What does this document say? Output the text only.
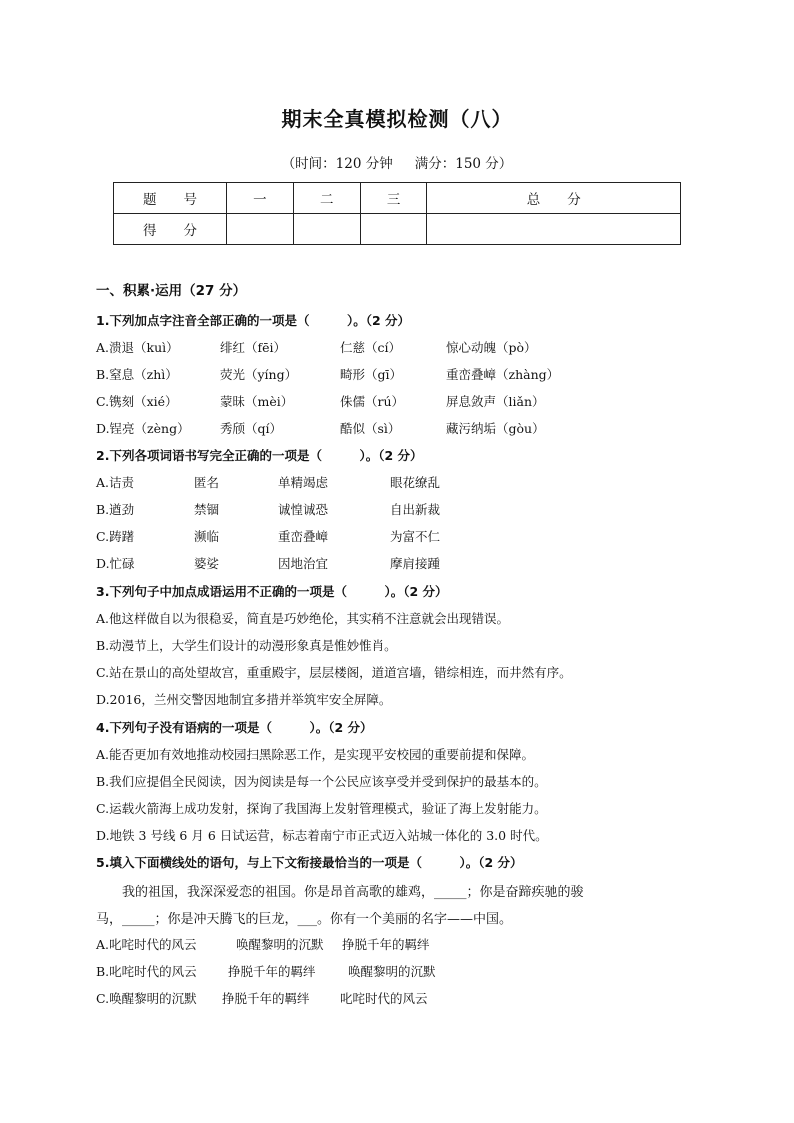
期末全真模拟检测（八）
（时间：120 分钟 满分：150 分）
题　　号	一	二	三	总　　分
得　　分				
一、积累·运用（27 分）
1.下列加点字注音全部正确的一项是（　　　）。（2 分）
A.溃退（kuì）	绯红（fēi）	仁慈（cí）	惊心动魄（pò）
B.窒息（zhì）	荧光（yíng）	畸形（gī）	重峦叠嶂（zhàng）
C.镌刻（xié）	蒙昧（mèi）	侏儒（rú）	屏息敛声（liǎn）
D.锃亮（zèng） 秀颀（qí）	酷似（sì）	藏污纳垢（gòu）
2.下列各项词语书写完全正确的一项是（　　　）。（2 分）
A.诘责	匿名	单精竭虑	眼花缭乱
B.遒劲	禁锢	诚惶诚恐	自出新裁
C.踌躇	濒临	重峦叠嶂	为富不仁
D.忙碌	婆娑	因地治宜	摩肩接踵
3.下列句子中加点成语运用不正确的一项是（　　　）。（2 分）
A.他这样做自以为很稳妥，简直是巧妙绝伦，其实稍不注意就会出现错误。
B.动漫节上，大学生们设计的动漫形象真是惟妙惟肖。
C.站在景山的高处望故宫，重重殿宇，层层楼阁，道道宫墙，错综相连，而井然有序。
D.2016，兰州交警因地制宜多措并举筑牢安全屏障。
4.下列句子没有语病的一项是（　　　）。（2 分）
A.能否更加有效地推动校园扫黑除恶工作，是实现平安校园的重要前提和保障。
B.我们应提倡全民阅读，因为阅读是每一个公民应该享受并受到保护的最基本的。
C.运载火箭海上成功发射，探询了我国海上发射管理模式，验证了海上发射能力。
D.地铁 3 号线 6 月 6 日试运营，标志着南宁市正式迈入站城一体化的 3.0 时代。
5.填入下面横线处的语句，与上下文衔接最恰当的一项是（　　　）。（2 分）
我的祖国，我深深爱恋的祖国。你是昂首高歌的雄鸡，_____；你是奋蹄疾驰的骏
马，_____；你是冲天腾飞的巨龙，___。你有一个美丽的名字——中国。
A.叱咤时代的风云	唤醒黎明的沉默 挣脱千年的羁绊
B.叱咤时代的风云	挣脱千年的羁绊	唤醒黎明的沉默
C.唤醒黎明的沉默 挣脱千年的羁绊 叱咤时代的风云
